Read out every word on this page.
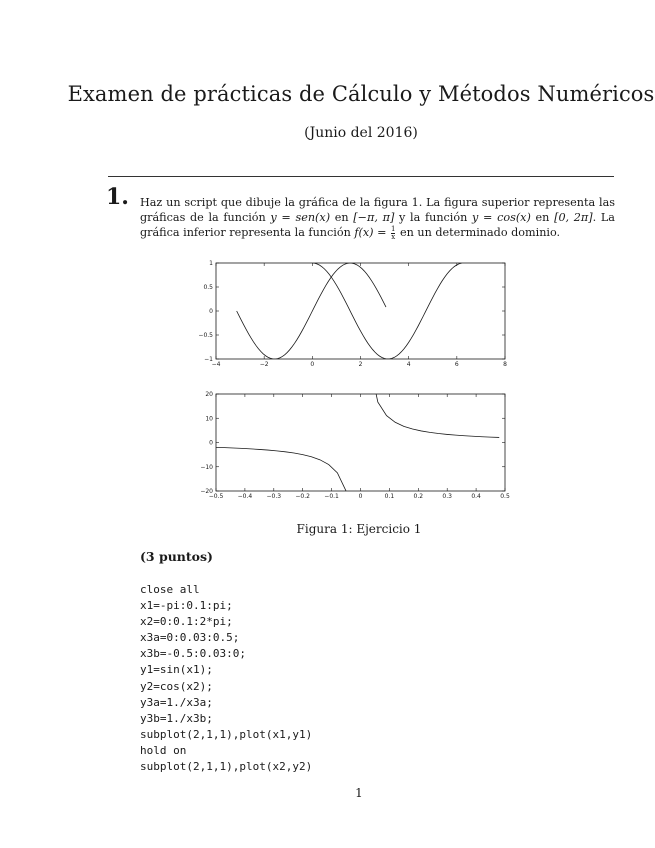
Examen de prácticas de Cálculo y Métodos Numéricos
(Junio del 2016)
1. Haz un script que dibuje la gráfica de la figura 1. La figura superior representa las gráficas de la función y = sen(x) en [−π, π] y la función y = cos(x) en [0, 2π]. La gráfica inferior representa la función $f(x) = \frac{1}{x}$ en un determinado dominio.
−4	−2	0	2	4	6	8
−1
−0.5
0
0.5
1
−0.5 −0.4 −0.3 −0.2 −0.1	0	0.1	0.2	0.3	0.4	0.5
−20
−10
0
10
20
Figura 1: Ejercicio 1
(3 puntos)
close all
x1=-pi:0.1:pi;
x2=0:0.1:2*pi;
x3a=0:0.03:0.5;
x3b=-0.5:0.03:0;
y1=sin(x1);
y2=cos(x2);
y3a=1./x3a;
y3b=1./x3b;
subplot(2,1,1),plot(x1,y1)
hold on
subplot(2,1,1),plot(x2,y2)
1
